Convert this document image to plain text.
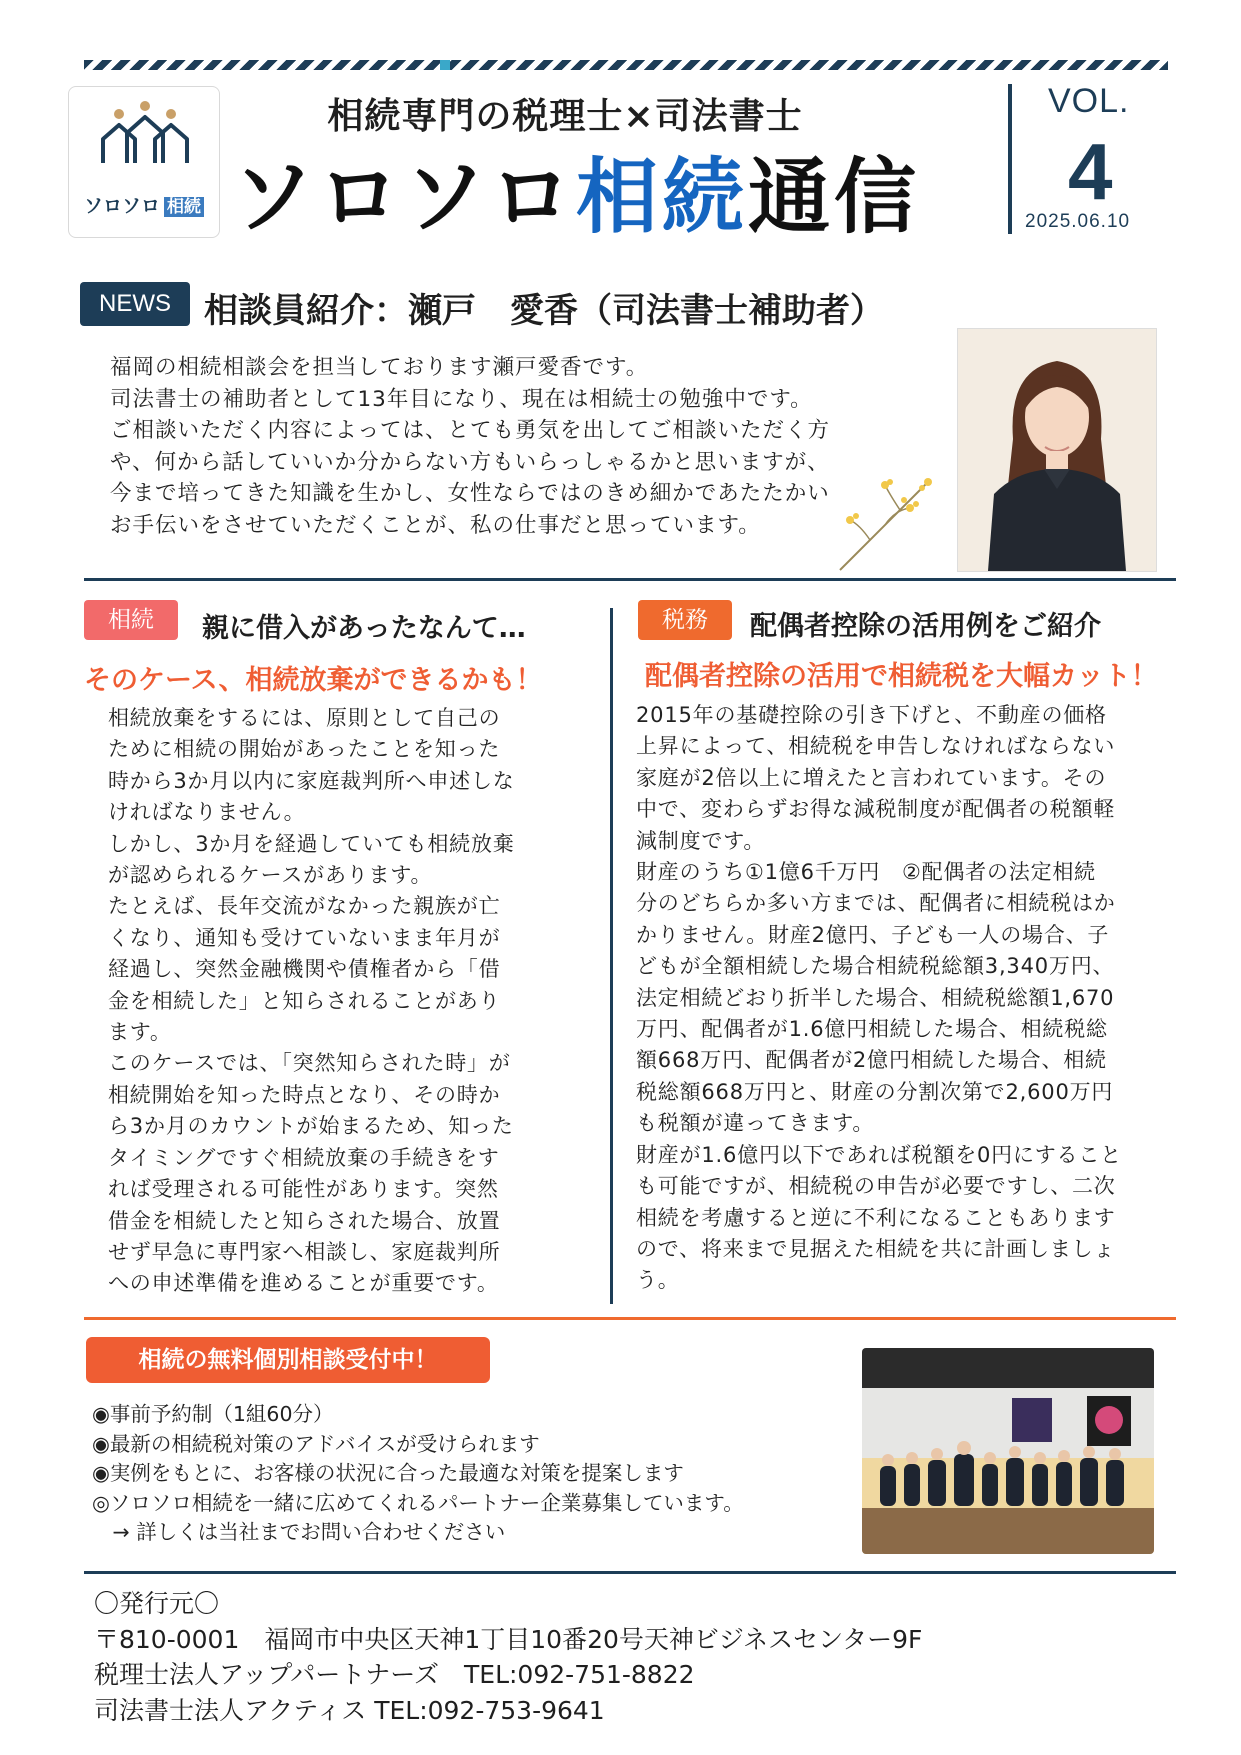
ソロソロ 相続
相続専門の税理士×司法書士
ソロソロ相続通信
VOL.
4
2025.06.10
NEWS 相談員紹介：瀬戸　愛香（司法書士補助者）

福岡の相続相談会を担当しております瀬戸愛香です。

司法書士の補助者として13年目になり、現在は相続士の勉強中です。

ご相談いただく内容によっては、とても勇気を出してご相談いただく方

や、何から話していいか分からない方もいらっしゃるかと思いますが、

今まで培ってきた知識を生かし、女性ならではのきめ細かであたたかい

お手伝いをさせていただくことが、私の仕事だと思っています。

相続	親に借入があったなんて…
そのケース、相続放棄ができるかも！

相続放棄をするには、原則として自己の

ために相続の開始があったことを知った

時から3か月以内に家庭裁判所へ申述しな

ければなりません。

しかし、3か月を経過していても相続放棄

が認められるケースがあります。

たとえば、長年交流がなかった親族が亡

くなり、通知も受けていないまま年月が

経過し、突然金融機関や債権者から「借

金を相続した」と知らされることがあり

ます。

このケースでは、「突然知らされた時」が

相続開始を知った時点となり、その時か

ら3か月のカウントが始まるため、知った

タイミングですぐ相続放棄の手続きをす

れば受理される可能性があります。突然

借金を相続したと知らされた場合、放置

せず早急に専門家へ相談し、家庭裁判所

への申述準備を進めることが重要です。

税務	配偶者控除の活用例をご紹介
配偶者控除の活用で相続税を大幅カット！

2015年の基礎控除の引き下げと、不動産の価格

上昇によって、相続税を申告しなければならない

家庭が2倍以上に増えたと言われています。その

中で、変わらずお得な減税制度が配偶者の税額軽

減制度です。

財産のうち①1億6千万円　②配偶者の法定相続

分のどちらか多い方までは、配偶者に相続税はか

かりません。財産2億円、子ども一人の場合、子

どもが全額相続した場合相続税総額3,340万円、

法定相続どおり折半した場合、相続税総額1,670

万円、配偶者が1.6億円相続した場合、相続税総

額668万円、配偶者が2億円相続した場合、相続

税総額668万円と、財産の分割次第で2,600万円

も税額が違ってきます。

財産が1.6億円以下であれば税額を0円にすること

も可能ですが、相続税の申告が必要ですし、二次

相続を考慮すると逆に不利になることもあります

ので、将来まで見据えた相続を共に計画しましょ

う。

相続の無料個別相談受付中！

◉事前予約制（1組60分）

◉最新の相続税対策のアドバイスが受けられます

◉実例をもとに、お客様の状況に合った最適な対策を提案します

◎ソロソロ相続を一緒に広めてくれるパートナー企業募集しています。

　→ 詳しくは当社までお問い合わせください

〇発行元〇

〒810-0001　福岡市中央区天神1丁目10番20号天神ビジネスセンター9F

税理士法人アップパートナーズ　TEL:092-751-8822

司法書士法人アクティス TEL:092-753-9641
